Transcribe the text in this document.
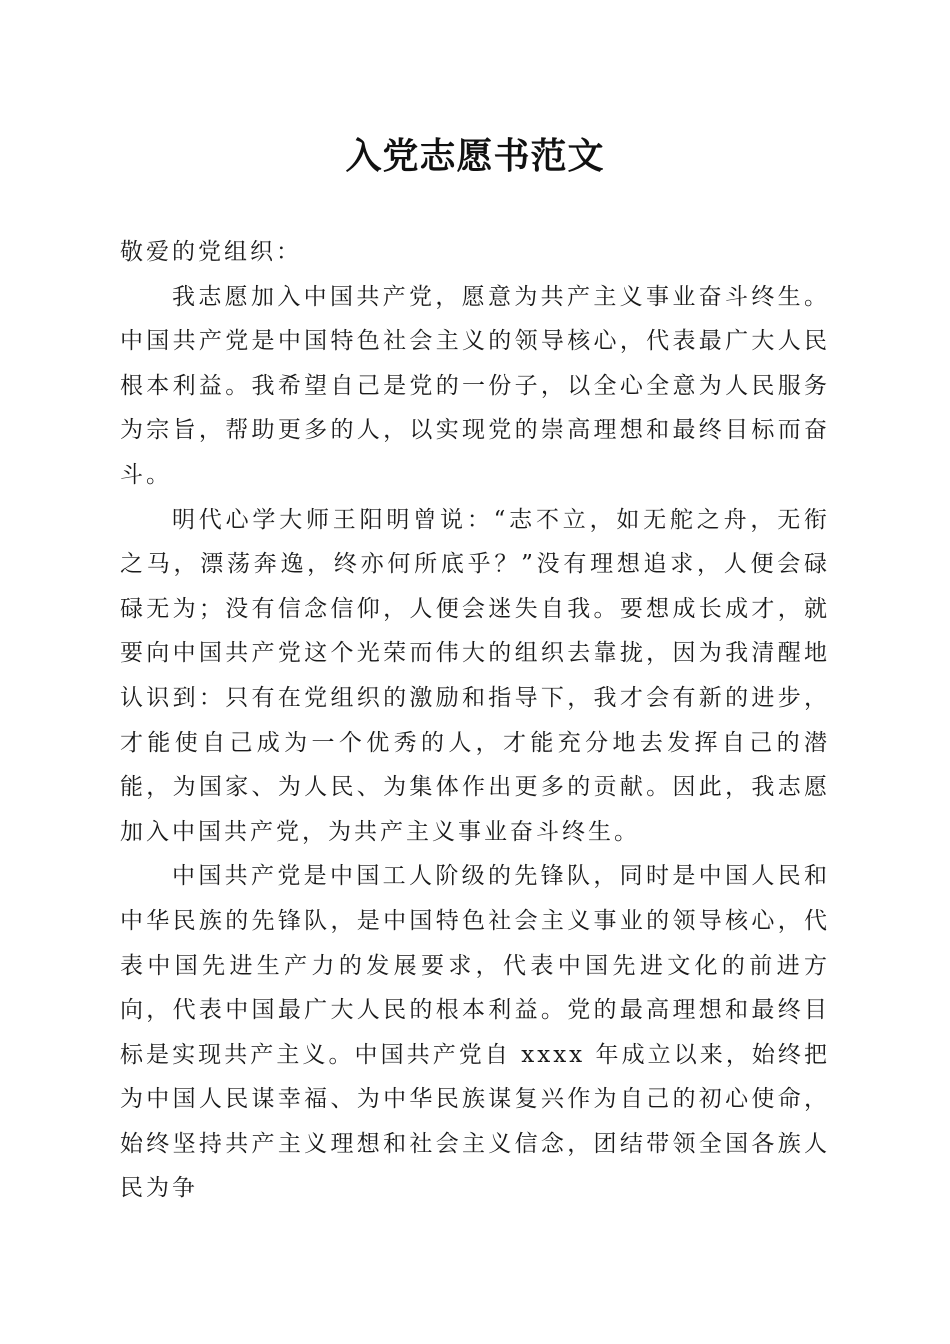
入党志愿书范文

敬爱的党组织：

我志愿加入中国共产党，愿意为共产主义事业奋斗终生。中国共产党是中国特色社会主义的领导核心，代表最广大人民根本利益。我希望自己是党的一份子，以全心全意为人民服务为宗旨，帮助更多的人，以实现党的崇高理想和最终目标而奋斗。

明代心学大师王阳明曾说：“志不立，如无舵之舟，无衔之马，漂荡奔逸，终亦何所底乎？”没有理想追求，人便会碌碌无为；没有信念信仰，人便会迷失自我。要想成长成才，就要向中国共产党这个光荣而伟大的组织去靠拢，因为我清醒地认识到：只有在党组织的激励和指导下，我才会有新的进步，才能使自己成为一个优秀的人，才能充分地去发挥自己的潜能，为国家、为人民、为集体作出更多的贡献。因此，我志愿加入中国共产党，为共产主义事业奋斗终生。

中国共产党是中国工人阶级的先锋队，同时是中国人民和中华民族的先锋队，是中国特色社会主义事业的领导核心，代表中国先进生产力的发展要求，代表中国先进文化的前进方向，代表中国最广大人民的根本利益。党的最高理想和最终目标是实现共产主义。中国共产党自 xxxx 年成立以来，始终把为中国人民谋幸福、为中华民族谋复兴作为自己的初心使命，始终坚持共产主义理想和社会主义信念，团结带领全国各族人民为争
